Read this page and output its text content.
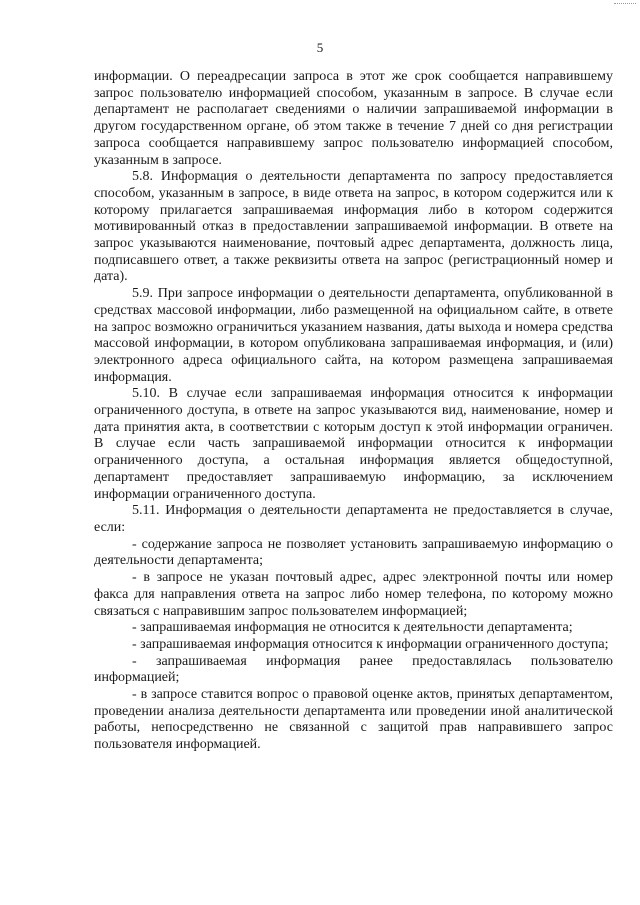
5

информации. О переадресации запроса в этот же срок сообщается направившему запрос пользователю информацией способом, указанным в запросе. В случае если департамент не располагает сведениями о наличии запрашиваемой информации в другом государственном органе, об этом также в течение 7 дней со дня регистрации запроса сообщается направившему запрос пользователю информацией способом, указанным в запросе.

5.8. Информация о деятельности департамента по запросу предоставляется способом, указанным в запросе, в виде ответа на запрос, в котором содержится или к которому прилагается запрашиваемая информация либо в котором содержится мотивированный отказ в предоставлении запрашиваемой информации. В ответе на запрос указываются наименование, почтовый адрес департамента, должность лица, подписавшего ответ, а также реквизиты ответа на запрос (регистрационный номер и дата).

5.9. При запросе информации о деятельности департамента, опубликованной в средствах массовой информации, либо размещенной на официальном сайте, в ответе на запрос возможно ограничиться указанием названия, даты выхода и номера средства массовой информации, в котором опубликована запрашиваемая информация, и (или) электронного адреса официального сайта, на котором размещена запрашиваемая информация.

5.10. В случае если запрашиваемая информация относится к информации ограниченного доступа, в ответе на запрос указываются вид, наименование, номер и дата принятия акта, в соответствии с которым доступ к этой информации ограничен. В случае если часть запрашиваемой информации относится к информации ограниченного доступа, а остальная информация является общедоступной, департамент предоставляет запрашиваемую информацию, за исключением информации ограниченного доступа.

5.11. Информация о деятельности департамента не предоставляется в случае, если:

- содержание запроса не позволяет установить запрашиваемую информацию о деятельности департамента;

- в запросе не указан почтовый адрес, адрес электронной почты или номер факса для направления ответа на запрос либо номер телефона, по которому можно связаться с направившим запрос пользователем информацией;

- запрашиваемая информация не относится к деятельности департамента;

- запрашиваемая информация относится к информации ограниченного доступа;

- запрашиваемая информация ранее предоставлялась пользователю информацией;

- в запросе ставится вопрос о правовой оценке актов, принятых департаментом, проведении анализа деятельности департамента или проведении иной аналитической работы, непосредственно не связанной с защитой прав направившего запрос пользователя информацией.
